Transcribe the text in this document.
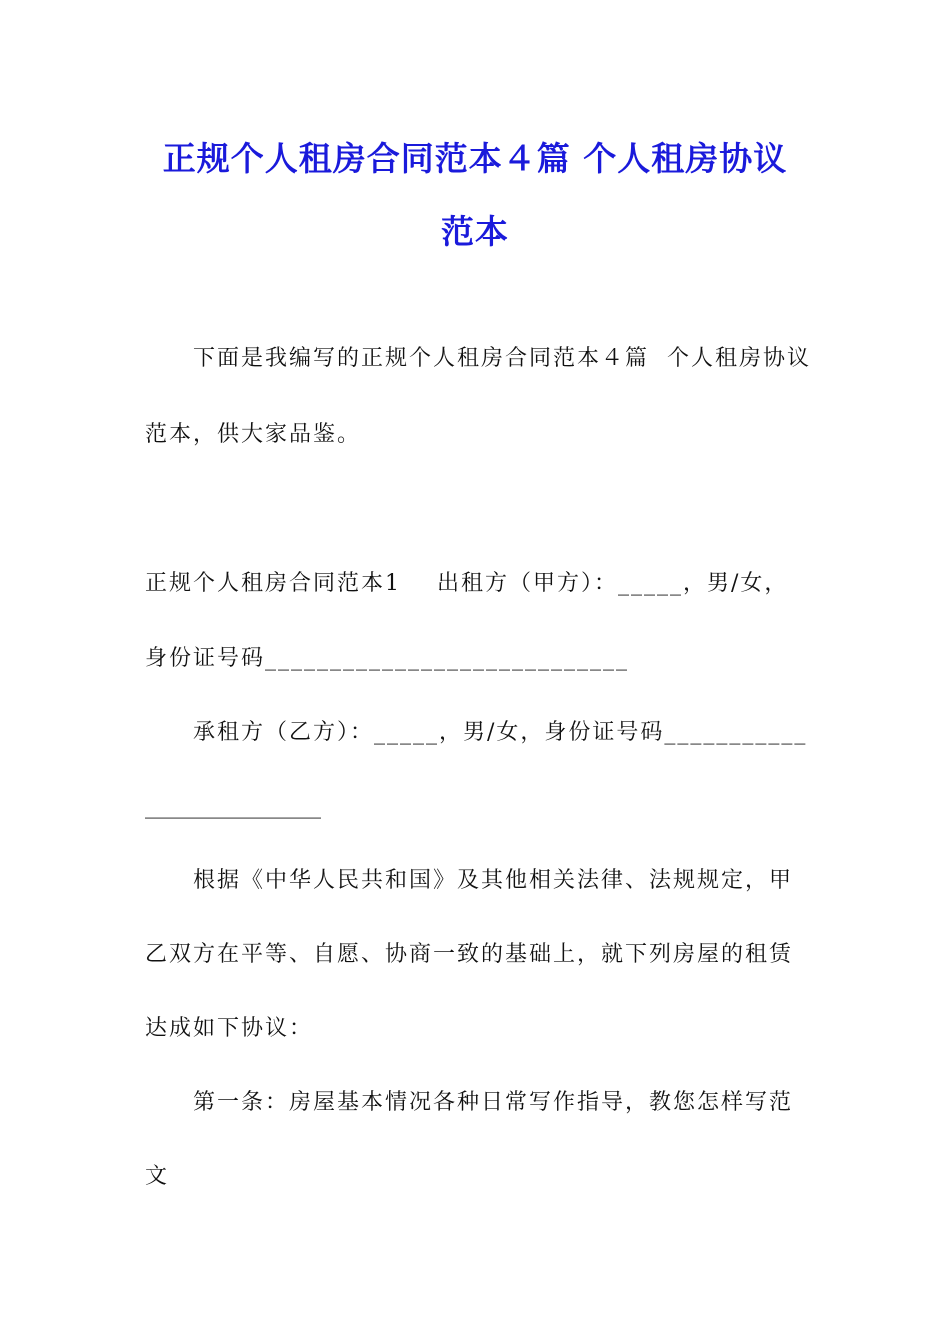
正规个人租房合同范本４篇 个人租房协议
范本
下面是我编写的正规个人租房合同范本４篇  个人租房协议
范本，供大家品鉴。
正规个人租房合同范本1    出租方（甲方）：_____，男/女，
身份证号码____________________________
承租方（乙方）：_____，男/女，身份证号码___________
________________
根据《中华人民共和国》及其他相关法律、法规规定，甲
乙双方在平等、自愿、协商一致的基础上，就下列房屋的租赁
达成如下协议：
第一条：房屋基本情况各种日常写作指导，教您怎样写范
文
